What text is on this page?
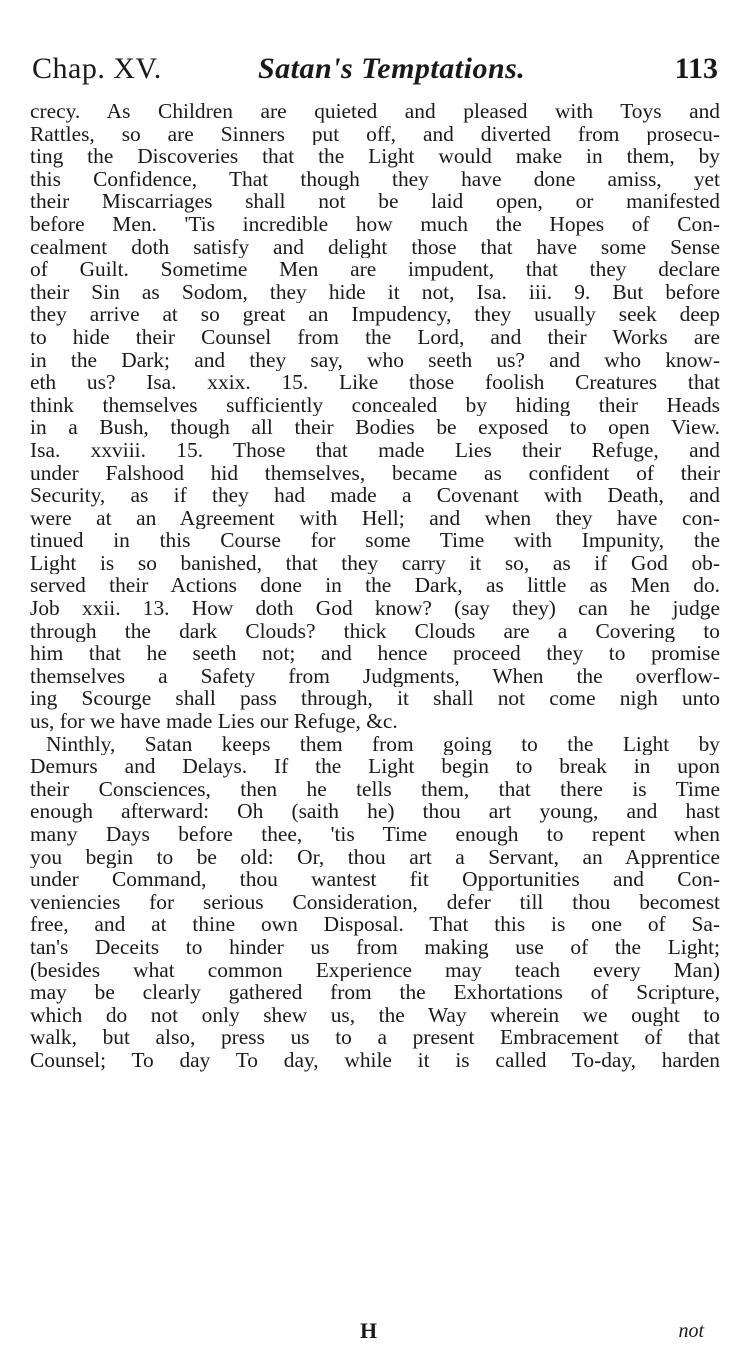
Chap. XV.	Satan's Temptations.	113
crecy. As Children are quieted and pleased with Toys and
Rattles, so are Sinners put off, and diverted from prosecu-
ting the Discoveries that the Light would make in them, by
this Confidence, That though they have done amiss, yet
their Miscarriages shall not be laid open, or manifested
before Men. 'Tis incredible how much the Hopes of Con-
cealment doth satisfy and delight those that have some Sense
of Guilt. Sometime Men are impudent, that they declare
their Sin as Sodom, they hide it not, Isa. iii. 9. But before
they arrive at so great an Impudency, they usually seek deep
to hide their Counsel from the Lord, and their Works are
in the Dark; and they say, who seeth us? and who know-
eth us? Isa. xxix. 15. Like those foolish Creatures that
think themselves sufficiently concealed by hiding their Heads
in a Bush, though all their Bodies be exposed to open View.
Isa. xxviii. 15. Those that made Lies their Refuge, and
under Falshood hid themselves, became as confident of their
Security, as if they had made a Covenant with Death, and
were at an Agreement with Hell; and when they have con-
tinued in this Course for some Time with Impunity, the
Light is so banished, that they carry it so, as if God ob-
served their Actions done in the Dark, as little as Men do.
Job xxii. 13. How doth God know? (say they) can he judge
through the dark Clouds? thick Clouds are a Covering to
him that he seeth not; and hence proceed they to promise
themselves a Safety from Judgments, When the overflow-
ing Scourge shall pass through, it shall not come nigh unto
us, for we have made Lies our Refuge, &c.
Ninthly, Satan keeps them from going to the Light by
Demurs and Delays. If the Light begin to break in upon
their Consciences, then he tells them, that there is Time
enough afterward: Oh (saith he) thou art young, and hast
many Days before thee, 'tis Time enough to repent when
you begin to be old: Or, thou art a Servant, an Apprentice
under Command, thou wantest fit Opportunities and Con-
veniencies for serious Consideration, defer till thou becomest
free, and at thine own Disposal. That this is one of Sa-
tan's Deceits to hinder us from making use of the Light;
(besides what common Experience may teach every Man)
may be clearly gathered from the Exhortations of Scripture,
which do not only shew us, the Way wherein we ought to
walk, but also, press us to a present Embracement of that
Counsel; To day To day, while it is called To-day, harden
H	not
